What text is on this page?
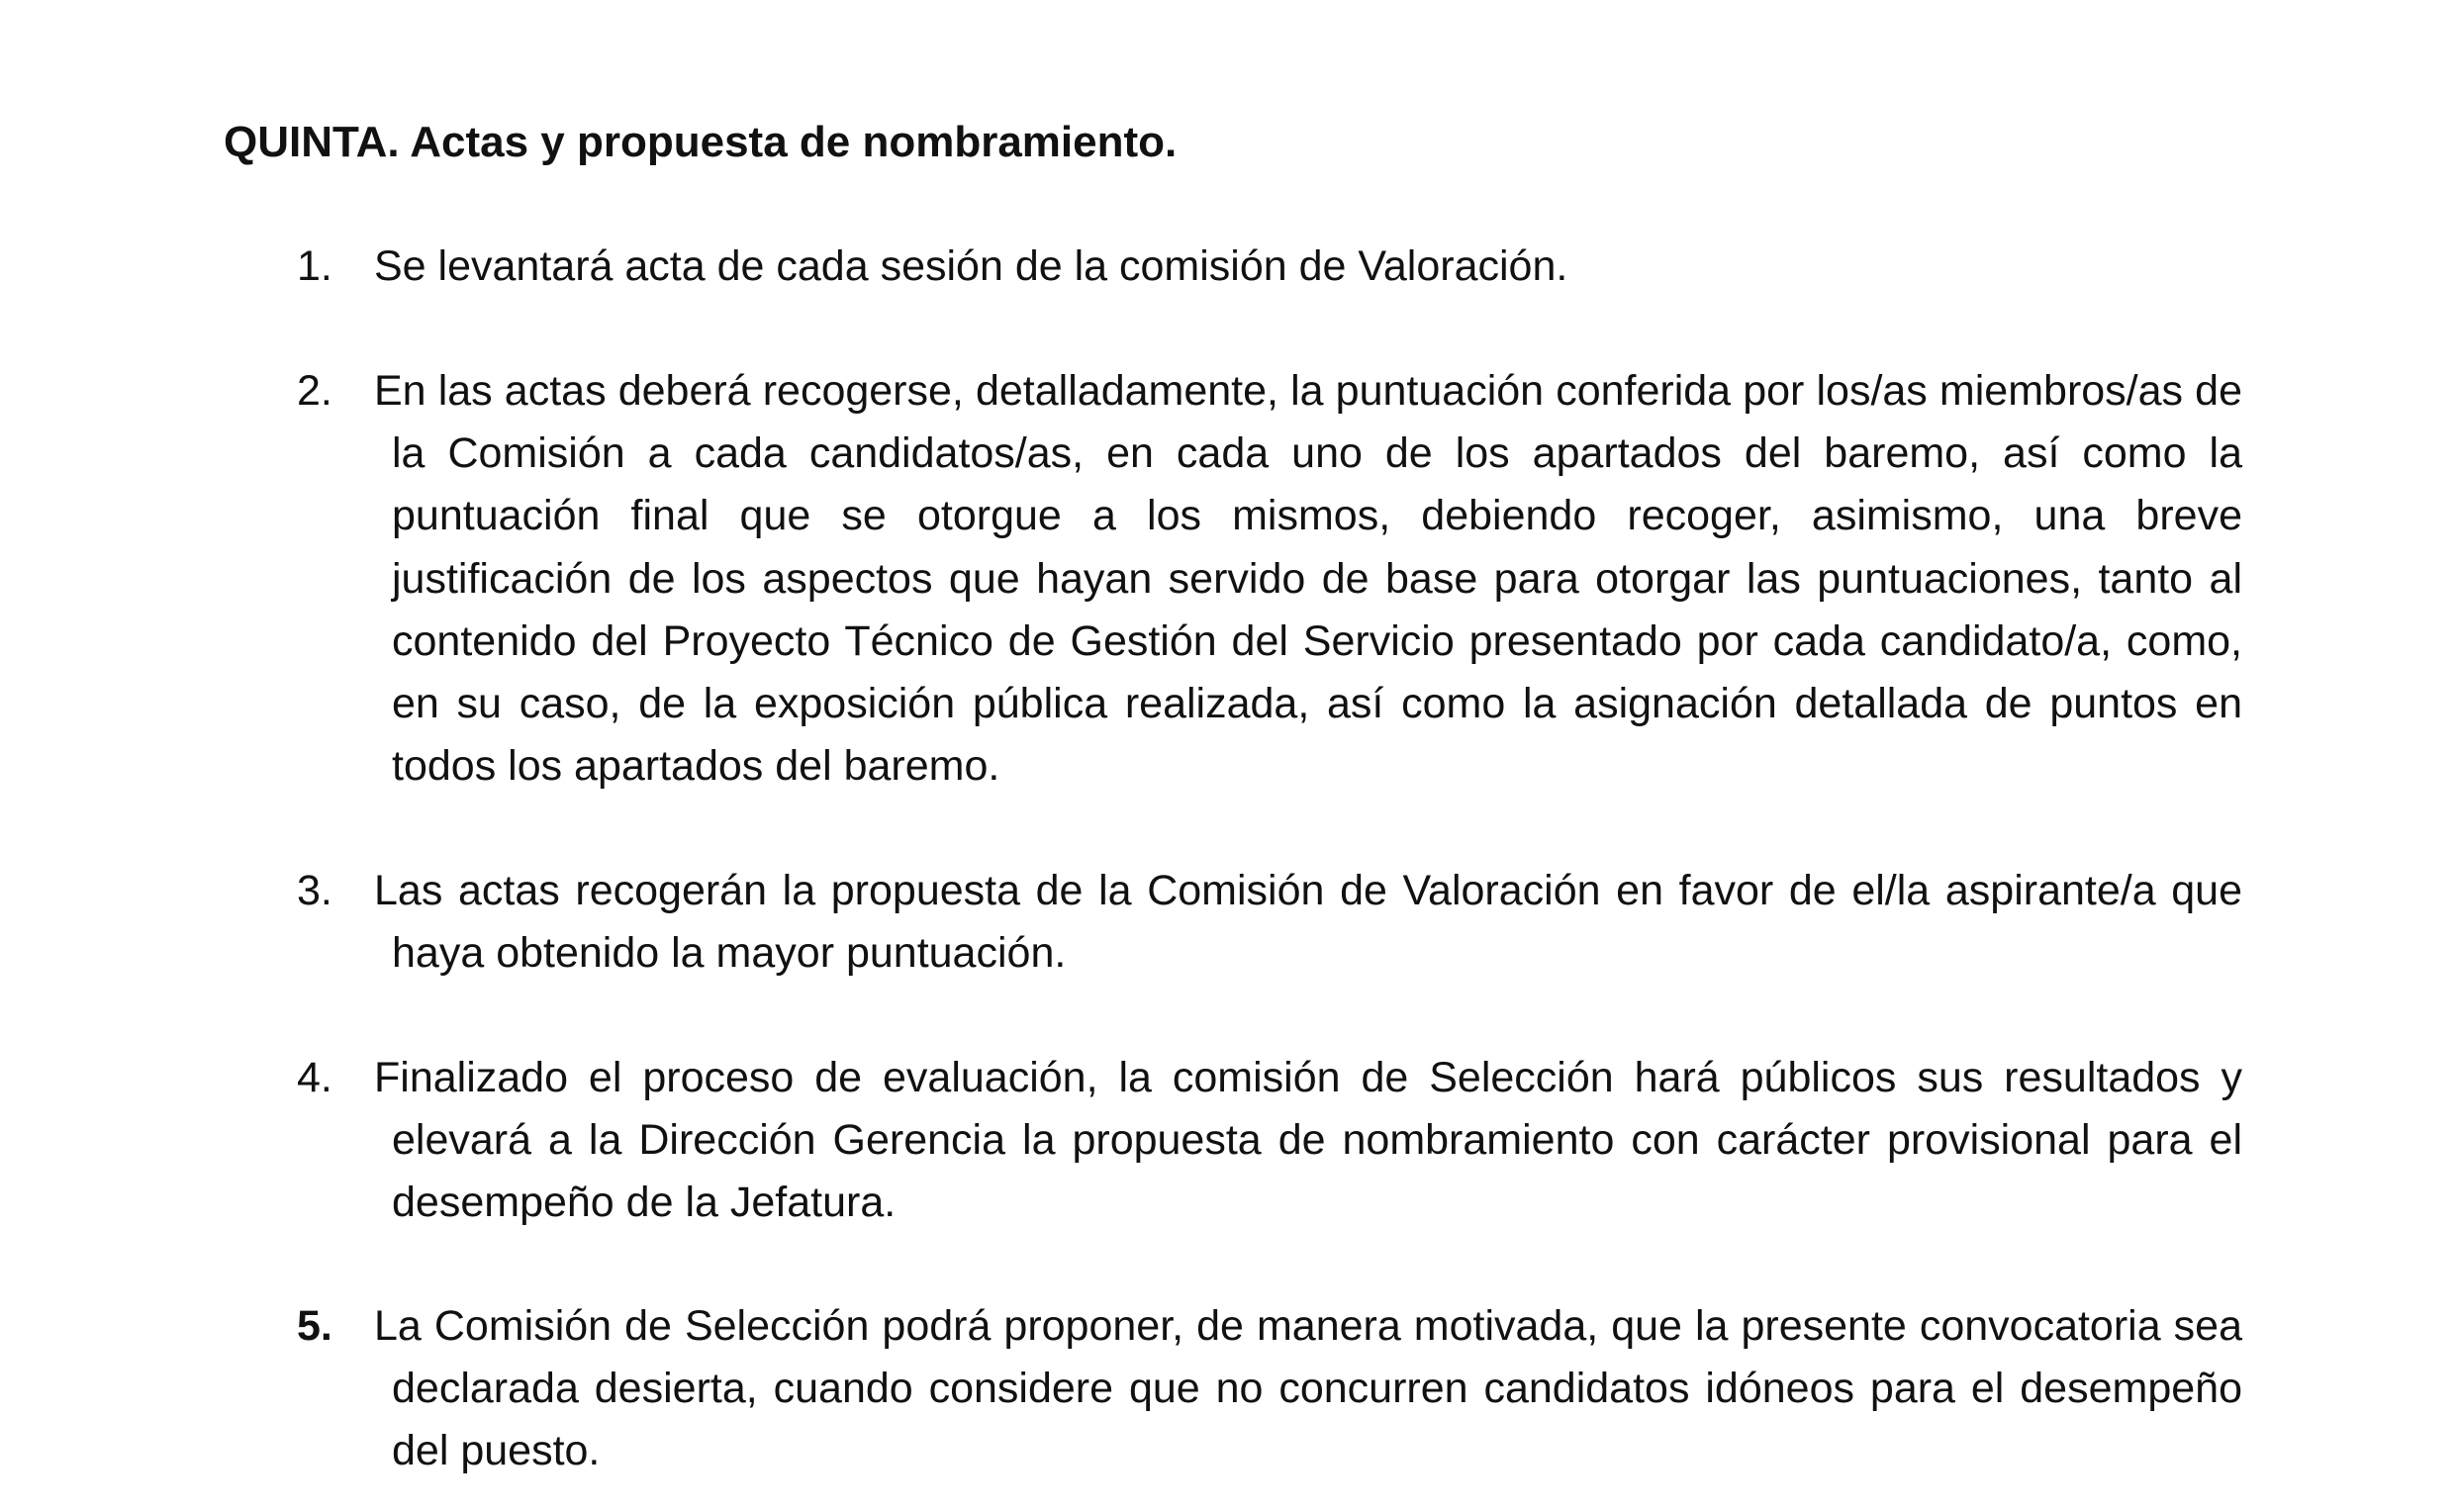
QUINTA. Actas y propuesta de nombramiento.
1. Se levantará acta de cada sesión de la comisión de Valoración.
2. En las actas deberá recogerse, detalladamente, la puntuación conferida por los/as miembros/as de la Comisión a cada candidatos/as, en cada uno de los apartados del baremo, así como la puntuación final que se otorgue a los mismos, debiendo recoger, asimismo, una breve justificación de los aspectos que hayan servido de base para otorgar las puntuaciones, tanto al contenido del Proyecto Técnico de Gestión del Servicio presentado por cada candidato/a, como, en su caso, de la exposición pública realizada, así como la asignación detallada de puntos en todos los apartados del baremo.
3. Las actas recogerán la propuesta de la Comisión de Valoración en favor de el/la aspirante/a que haya obtenido la mayor puntuación.
4. Finalizado el proceso de evaluación, la comisión de Selección hará públicos sus resultados y elevará a la Dirección Gerencia la propuesta de nombramiento con carácter provisional para el desempeño de la Jefatura.
5. La Comisión de Selección podrá proponer, de manera motivada, que la presente convocatoria sea declarada desierta, cuando considere que no concurren candidatos idóneos para el desempeño del puesto.
